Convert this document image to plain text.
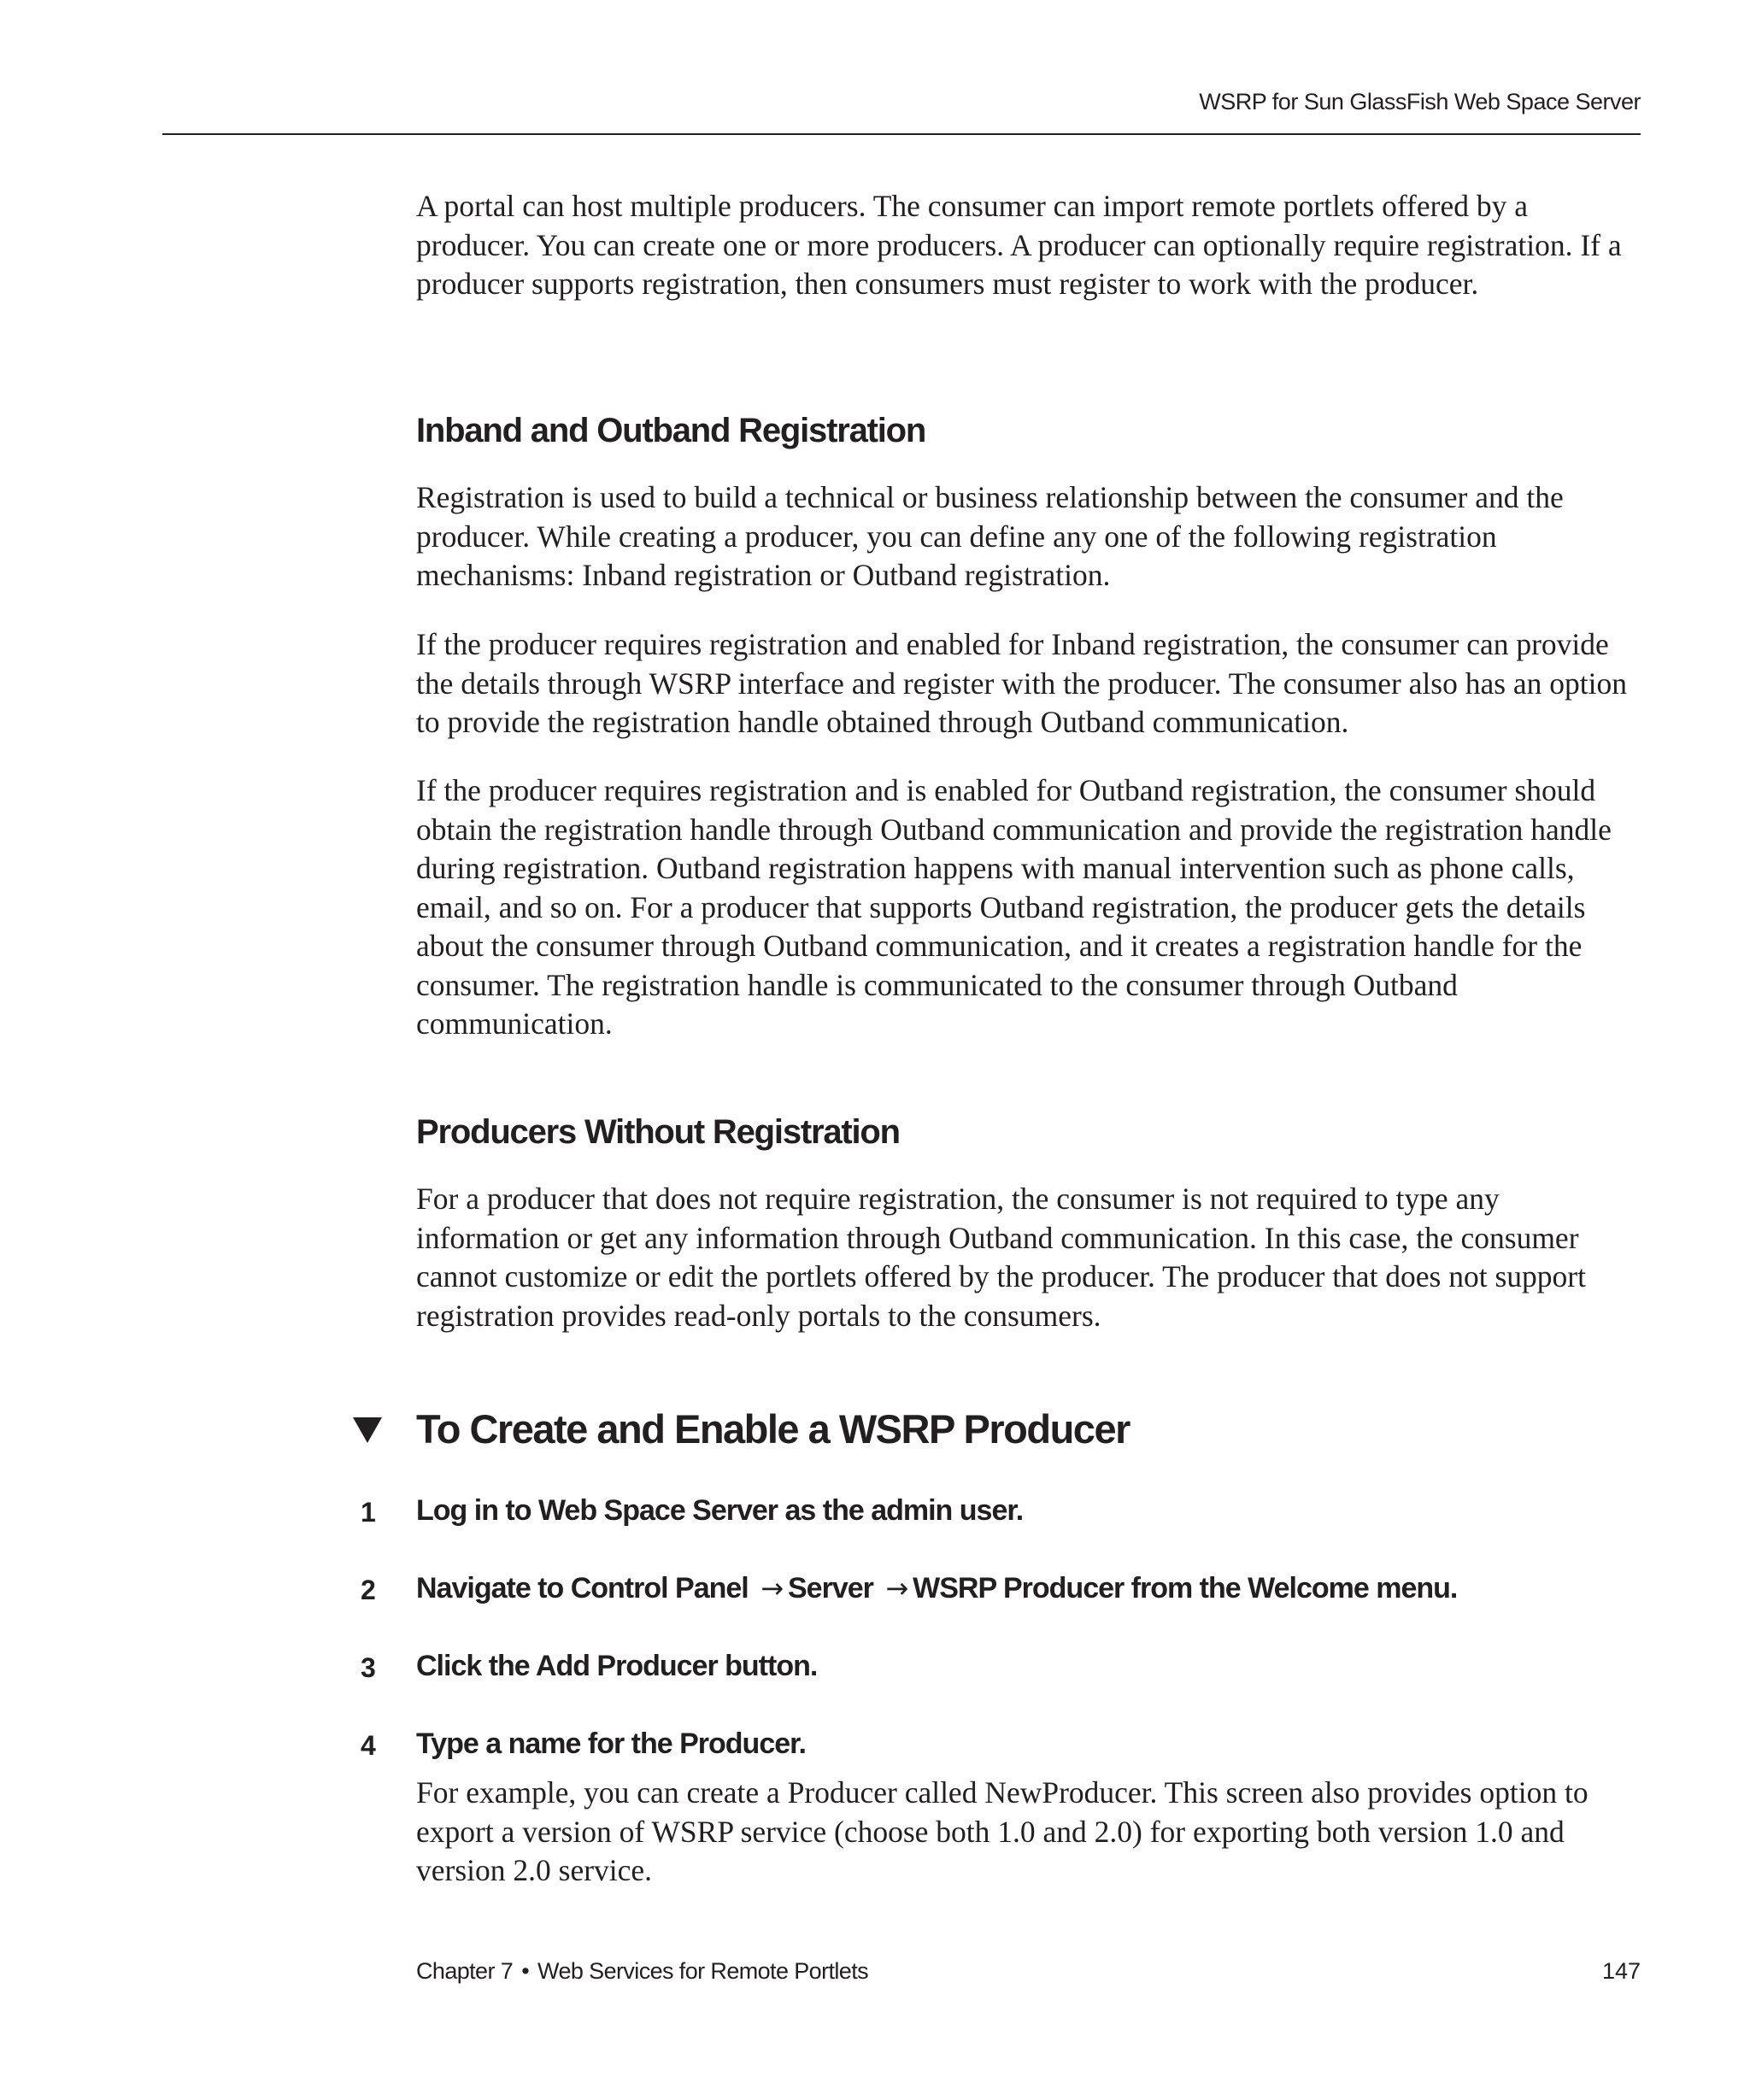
WSRP for Sun GlassFish Web Space Server

A portal can host multiple producers. The consumer can import remote portlets offered by a producer. You can create one or more producers. A producer can optionally require registration. If a producer supports registration, then consumers must register to work with the producer.

Inband and Outband Registration

Registration is used to build a technical or business relationship between the consumer and the producer. While creating a producer, you can define any one of the following registration mechanisms: Inband registration or Outband registration.

If the producer requires registration and enabled for Inband registration, the consumer can provide the details through WSRP interface and register with the producer. The consumer also has an option to provide the registration handle obtained through Outband communication.

If the producer requires registration and is enabled for Outband registration, the consumer should obtain the registration handle through Outband communication and provide the registration handle during registration. Outband registration happens with manual intervention such as phone calls, email, and so on. For a producer that supports Outband registration, the producer gets the details about the consumer through Outband communication, and it creates a registration handle for the consumer. The registration handle is communicated to the consumer through Outband communication.

Producers Without Registration

For a producer that does not require registration, the consumer is not required to type any information or get any information through Outband communication. In this case, the consumer cannot customize or edit the portlets offered by the producer. The producer that does not support registration provides read-only portals to the consumers.

To Create and Enable a WSRP Producer
1 Log in to Web Space Server as the admin user.
2 Navigate to Control Panel → Server → WSRP Producer from the Welcome menu.
3 Click the Add Producer button.
4 Type a name for the Producer.

For example, you can create a Producer called NewProducer. This screen also provides option to export a version of WSRP service (choose both 1.0 and 2.0) for exporting both version 1.0 and version 2.0 service.

Chapter 7 • Web Services for Remote Portlets	147
